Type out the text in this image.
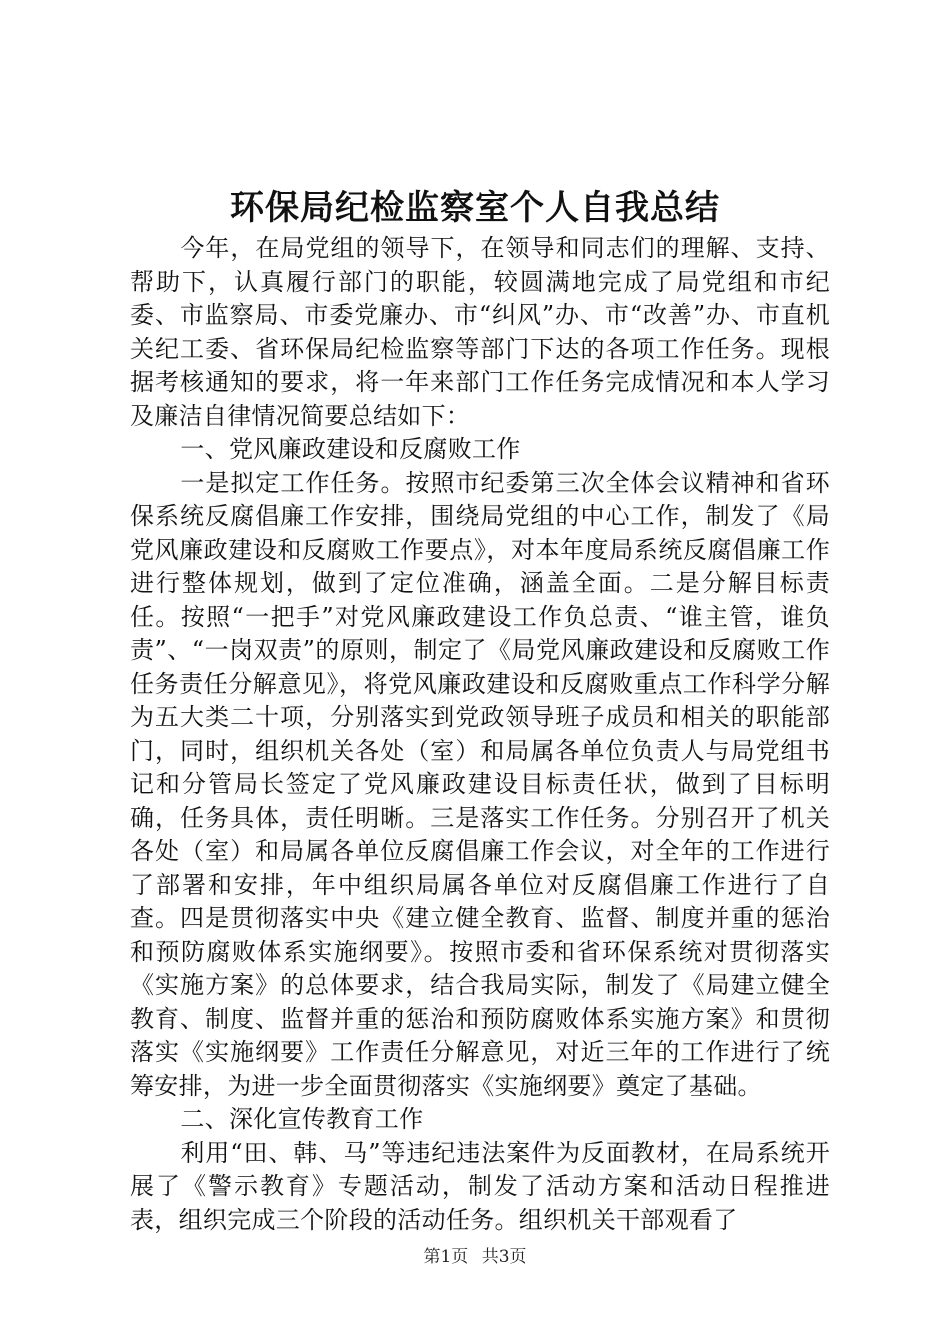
环保局纪检监察室个人自我总结

今年，在局党组的领导下，在领导和同志们的理解、支持、帮助下，认真履行部门的职能，较圆满地完成了局党组和市纪委、市监察局、市委党廉办、市“纠风”办、市“改善”办、市直机关纪工委、省环保局纪检监察等部门下达的各项工作任务。现根据考核通知的要求，将一年来部门工作任务完成情况和本人学习及廉洁自律情况简要总结如下：

一、党风廉政建设和反腐败工作

一是拟定工作任务。按照市纪委第三次全体会议精神和省环保系统反腐倡廉工作安排，围绕局党组的中心工作，制发了《局党风廉政建设和反腐败工作要点》，对本年度局系统反腐倡廉工作进行整体规划，做到了定位准确，涵盖全面。二是分解目标责任。按照“一把手”对党风廉政建设工作负总责、“谁主管，谁负责”、“一岗双责”的原则，制定了《局党风廉政建设和反腐败工作任务责任分解意见》，将党风廉政建设和反腐败重点工作科学分解为五大类二十项，分别落实到党政领导班子成员和相关的职能部门，同时，组织机关各处（室）和局属各单位负责人与局党组书记和分管局长签定了党风廉政建设目标责任状，做到了目标明确，任务具体，责任明晰。三是落实工作任务。分别召开了机关各处（室）和局属各单位反腐倡廉工作会议，对全年的工作进行了部署和安排，年中组织局属各单位对反腐倡廉工作进行了自查。四是贯彻落实中央《建立健全教育、监督、制度并重的惩治和预防腐败体系实施纲要》。按照市委和省环保系统对贯彻落实《实施方案》的总体要求，结合我局实际，制发了《局建立健全教育、制度、监督并重的惩治和预防腐败体系实施方案》和贯彻落实《实施纲要》工作责任分解意见，对近三年的工作进行了统筹安排，为进一步全面贯彻落实《实施纲要》奠定了基础。

二、深化宣传教育工作

利用“田、韩、马”等违纪违法案件为反面教材，在局系统开展了《警示教育》专题活动，制发了活动方案和活动日程推进表，组织完成三个阶段的活动任务。组织机关干部观看了

第1页 共3页
